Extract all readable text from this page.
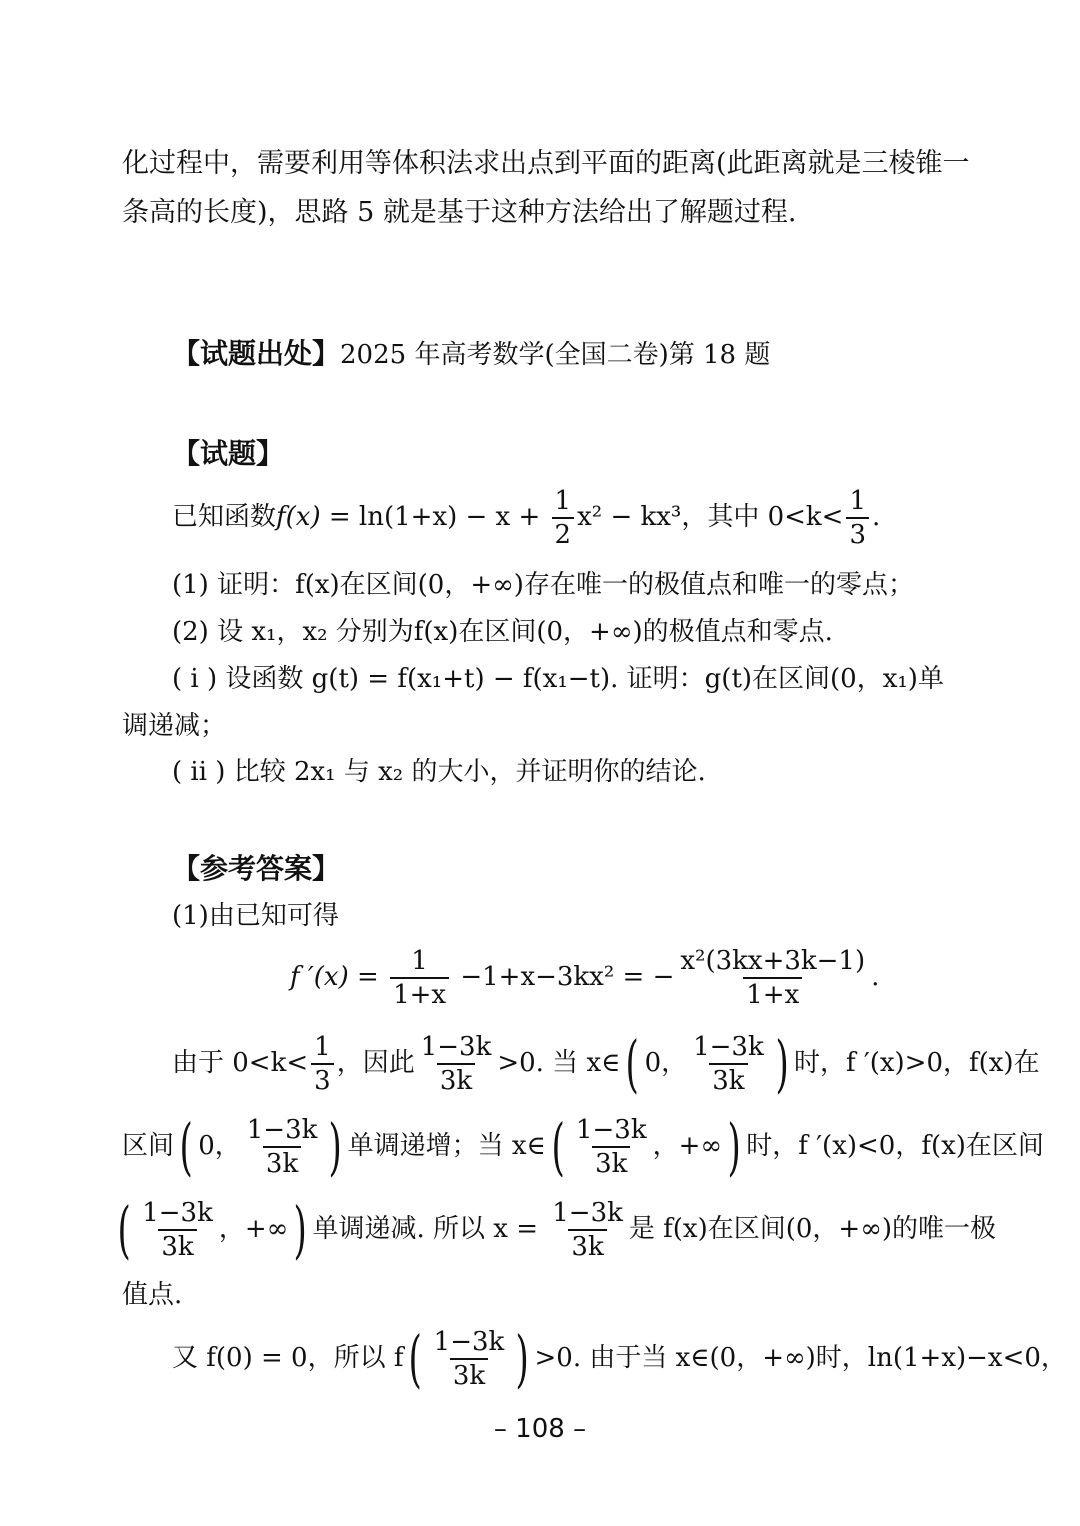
化过程中，需要利用等体积法求出点到平面的距离(此距离就是三棱锥一
条高的长度)，思路 5 就是基于这种方法给出了解题过程.
【试题出处】2025 年高考数学(全国二卷)第 18 题
【试题】
已知函数$f(x) = \ln(1+x) - x + \frac{1}{2} x^2 - kx^3$，其中 $0<k< \frac{1}{3}$ .
(1) 证明：f(x)在区间(0，+∞)存在唯一的极值点和唯一的零点；
(2) 设 x₁，x₂ 分别为f(x)在区间(0，+∞)的极值点和零点.
( ⅰ ) 设函数 g(t) = f(x₁+t) − f(x₁−t). 证明：g(t)在区间(0，x₁)单
调递减；
( ⅱ ) 比较 2x₁ 与 x₂ 的大小，并证明你的结论.
【参考答案】
(1)由已知可得
f $'(x) = \frac{1}{1+x} -1+x-3kx^2$ = − $\frac{\text{x²(3kx+3k−1)}}{1+x}$ .
由于 $0<k< \frac{1}{3}$ ，因此 $\frac{1-3k}{3k} >0$. 当 x∈( 0， $\frac{1-3k}{3k}$ ) 时，f ′(x)>0，f(x)在
区间( 0， $\frac{1-3k}{3k}$ ) 单调递增；当 x∈( $\frac{1-3k}{3k}$ ，+∞) 时，f ′(x)<0，f(x)在区间
( $\frac{1-3k}{3k}$ ，+∞) 单调递减. 所以 $x = \frac{1-3k}{3k}$ 是 f(x)在区间(0，+∞)的唯一极
值点.
又 f(0) = 0，所以 $f( \frac{1-3k}{3k}$ ) >0. 由于当 x∈(0，+∞)时，ln(1+x)−x<0，
– 108 –
